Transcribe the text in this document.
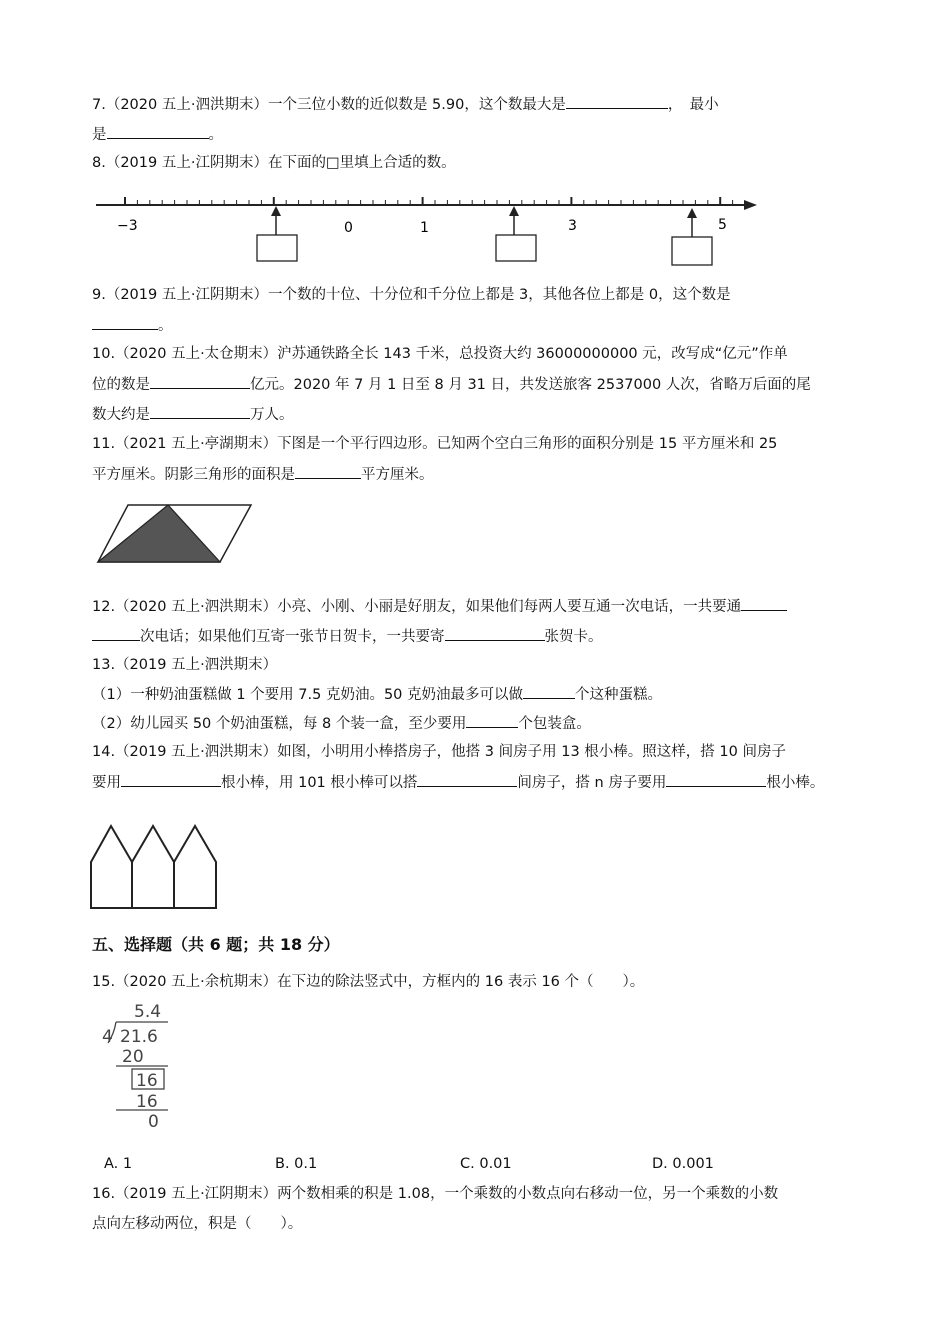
7.（2020 五上·泗洪期末）一个三位小数的近似数是 5.90，这个数最大是	，　最小
是	。
8.（2019 五上·江阴期末）在下面的□里填上合适的数。
−3	0	1	3	5
9.（2019 五上·江阴期末）一个数的十位、十分位和千分位上都是 3，其他各位上都是 0，这个数是
。
10.（2020 五上·太仓期末）沪苏通铁路全长 143 千米，总投资大约 36000000000 元，改写成“亿元”作单
位的数是	亿元。2020 年 7 月 1 日至 8 月 31 日，共发送旅客 2537000 人次，省略万后面的尾
数大约是	万人。
11.（2021 五上·亭湖期末）下图是一个平行四边形。已知两个空白三角形的面积分别是 15 平方厘米和 25
平方厘米。阴影三角形的面积是	平方厘米。
12.（2020 五上·泗洪期末）小亮、小刚、小丽是好朋友，如果他们每两人要互通一次电话，一共要通
次电话；如果他们互寄一张节日贺卡，一共要寄	张贺卡。
13.（2019 五上·泗洪期末）
（1）一种奶油蛋糕做 1 个要用 7.5 克奶油。50 克奶油最多可以做	个这种蛋糕。
（2）幼儿园买 50 个奶油蛋糕，每 8 个装一盒，至少要用	个包装盒。
14.（2019 五上·泗洪期末）如图，小明用小棒搭房子，他搭 3 间房子用 13 根小棒。照这样，搭 10 间房子
要用	根小棒，用 101 根小棒可以搭	间房子，搭 n 房子要用	根小棒。
五、选择题（共 6 题；共 18 分）
15.（2020 五上·余杭期末）在下边的除法竖式中，方框内的 16 表示 16 个（　　）。
5.4
4 21.6
20
16
16
0
A. 1	B. 0.1	C. 0.01	D. 0.001
16.（2019 五上·江阴期末）两个数相乘的积是 1.08，一个乘数的小数点向右移动一位，另一个乘数的小数
点向左移动两位，积是（　　）。
